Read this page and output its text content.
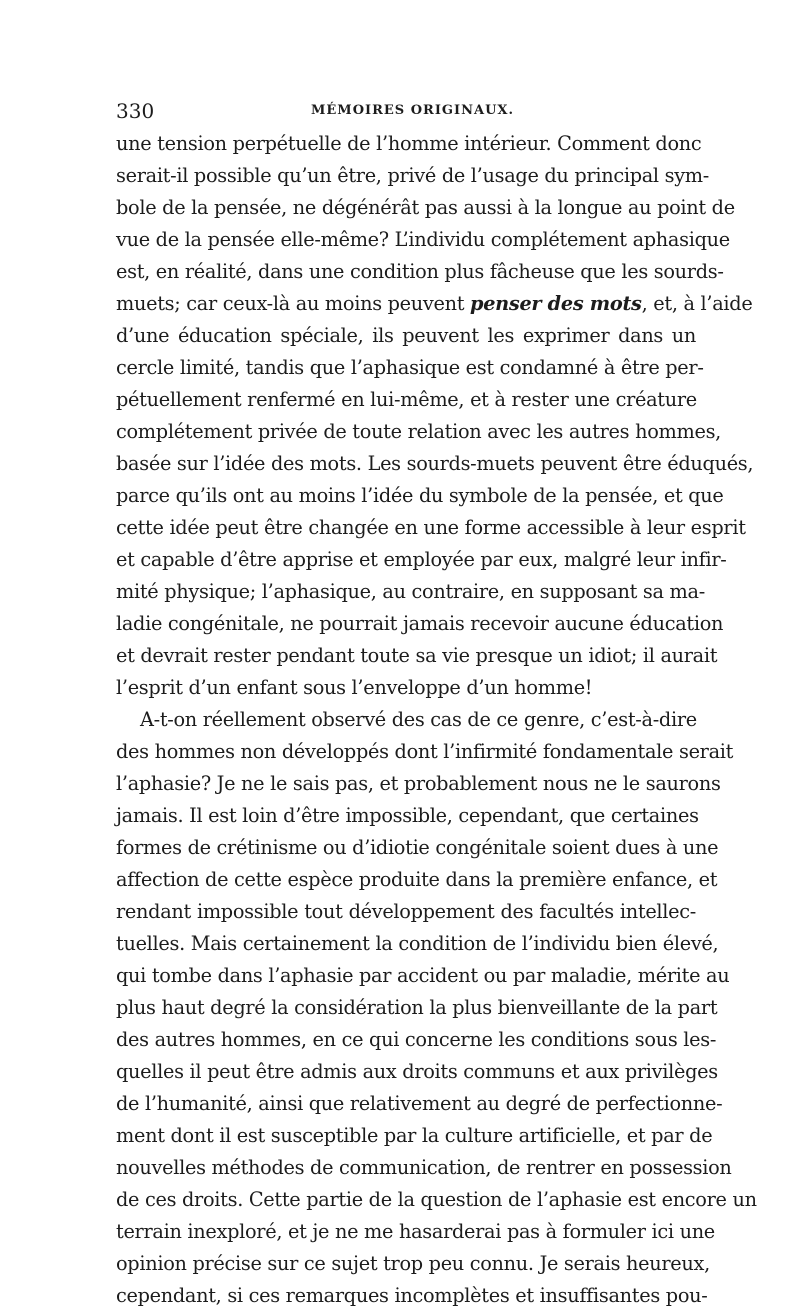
330	MÉMOIRES ORIGINAUX.
une tension perpétuelle de l’homme intérieur. Comment donc
serait-il possible qu’un être, privé de l’usage du principal sym-
bole de la pensée, ne dégénérât pas aussi à la longue au point de
vue de la pensée elle-même? L’individu complétement aphasique
est, en réalité, dans une condition plus fâcheuse que les sourds-
muets; car ceux-là au moins peuvent penser des mots, et, à l’aide
d’une éducation spéciale, ils peuvent les exprimer dans un
cercle limité, tandis que l’aphasique est condamné à être per-
pétuellement renfermé en lui-même, et à rester une créature
complétement privée de toute relation avec les autres hommes,
basée sur l’idée des mots. Les sourds-muets peuvent être éduqués,
parce qu’ils ont au moins l’idée du symbole de la pensée, et que
cette idée peut être changée en une forme accessible à leur esprit
et capable d’être apprise et employée par eux, malgré leur infir-
mité physique; l’aphasique, au contraire, en supposant sa ma-
ladie congénitale, ne pourrait jamais recevoir aucune éducation
et devrait rester pendant toute sa vie presque un idiot; il aurait
l’esprit d’un enfant sous l’enveloppe d’un homme!
A-t-on réellement observé des cas de ce genre, c’est-à-dire
des hommes non développés dont l’infirmité fondamentale serait
l’aphasie? Je ne le sais pas, et probablement nous ne le saurons
jamais. Il est loin d’être impossible, cependant, que certaines
formes de crétinisme ou d’idiotie congénitale soient dues à une
affection de cette espèce produite dans la première enfance, et
rendant impossible tout développement des facultés intellec-
tuelles. Mais certainement la condition de l’individu bien élevé,
qui tombe dans l’aphasie par accident ou par maladie, mérite au
plus haut degré la considération la plus bienveillante de la part
des autres hommes, en ce qui concerne les conditions sous les-
quelles il peut être admis aux droits communs et aux privilèges
de l’humanité, ainsi que relativement au degré de perfectionne-
ment dont il est susceptible par la culture artificielle, et par de
nouvelles méthodes de communication, de rentrer en possession
de ces droits. Cette partie de la question de l’aphasie est encore un
terrain inexploré, et je ne me hasarderai pas à formuler ici une
opinion précise sur ce sujet trop peu connu. Je serais heureux,
cependant, si ces remarques incomplètes et insuffisantes pou-
